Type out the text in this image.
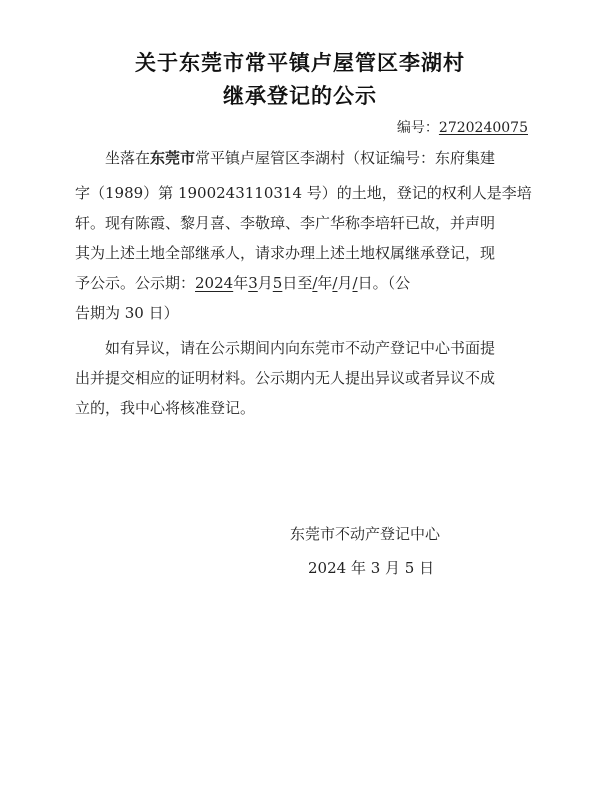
关于东莞市常平镇卢屋管区李湖村
继承登记的公示
编号：2720240075
坐落在东莞市常平镇卢屋管区李湖村（权证编号：东府集建
字（1989）第 1900243110314 号）的土地，登记的权利人是李培
轩。现有陈霞、黎月喜、李敬璋、李广华称李培轩已故，并声明
其为上述土地全部继承人，请求办理上述土地权属继承登记，现
予公示。公示期：2024年3月5日至/年/月/日。（公
告期为 30 日）
如有异议，请在公示期间内向东莞市不动产登记中心书面提
出并提交相应的证明材料。公示期内无人提出异议或者异议不成
立的，我中心将核准登记。
东莞市不动产登记中心
2024 年 3 月 5 日
